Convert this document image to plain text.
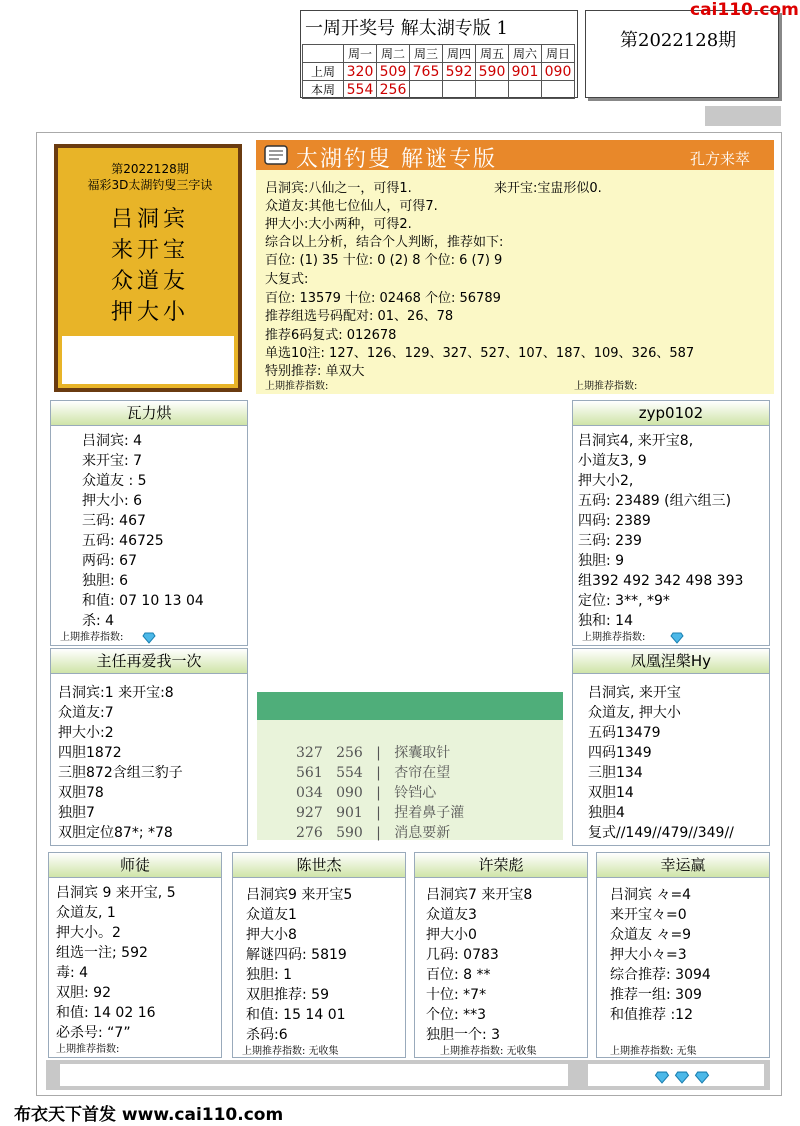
一周开奖号 解太湖专版 1
	周一	周二	周三	周四	周五	周六	周日
上周	320	509	765	592	590	901	090
本周	554	256					
第2022128期
cai110.com
第2022128期
福彩3D太湖钓叟三字诀
吕洞宾
来开宝
众道友
押大小
太湖钓叟 解谜专版	孔方来萃
吕洞宾:八仙之一，可得1.	来开宝:宝盅形似0.
众道友:其他七位仙人，可得7.
押大小:大小两种，可得2.
综合以上分析，结合个人判断，推荐如下:
百位: (1) 35 十位: 0 (2) 8 个位: 6 (7) 9
大复式:
百位: 13579 十位: 02468 个位: 56789
推荐组选号码配对: 01、26、78
推荐6码复式: 012678
单选10注: 127、126、129、327、527、107、187、109、326、587
特别推荐: 单双大
上期推荐指数:	上期推荐指数:
瓦力烘
吕洞宾: 4
来开宝: 7
众道友 : 5
押大小: 6
三码: 467
五码: 46725
两码: 67
独胆: 6
和值: 07 10 13 04
杀: 4
上期推荐指数:
zyp0102
吕洞宾4, 来开宝8,
小道友3, 9
押大小2,
五码: 23489 (组六组三)
四码: 2389
三码: 239
独胆: 9
组392 492 342 498 393
定位: 3**, *9*
独和: 14
上期推荐指数:
主任再爱我一次
吕洞宾:1 来开宝:8
众道友:7
押大小:2
四胆1872
三胆872含组三豹子
双胆78
独胆7
双胆定位87*; *78
凤凰涅槃Hy
吕洞宾, 来开宝
众道友, 押大小
五码13479
四码1349
三胆134
双胆14
独胆4
复式//149//479//349//
327 256   |   探囊取针
561 554   |   杏帘在望
034 090   |   铃铛心
927 901   |   捏着鼻子灌
276 590   |   消息要新
师徒
吕洞宾 9 来开宝, 5
众道友, 1
押大小。2
组选一注; 592
毒: 4
双胆: 92
和值: 14 02 16
必杀号: “7”
上期推荐指数:
陈世杰
吕洞宾9 来开宝5
众道友1
押大小8
解谜四码: 5819
独胆: 1
双胆推荐: 59
和值: 15 14 01
杀码:6
上期推荐指数: 无收集
许荣彪
吕洞宾7 来开宝8
众道友3
押大小0
几码: 0783
百位: 8 **
十位: *7*
个位: **3
独胆一个: 3
上期推荐指数: 无收集
幸运赢
吕洞宾 々=4
来开宝々=0
众道友 々=9
押大小々=3
综合推荐: 3094
推荐一组: 309
和值推荐 :12
上期推荐指数: 无集
布衣天下首发 www.cai110.com
